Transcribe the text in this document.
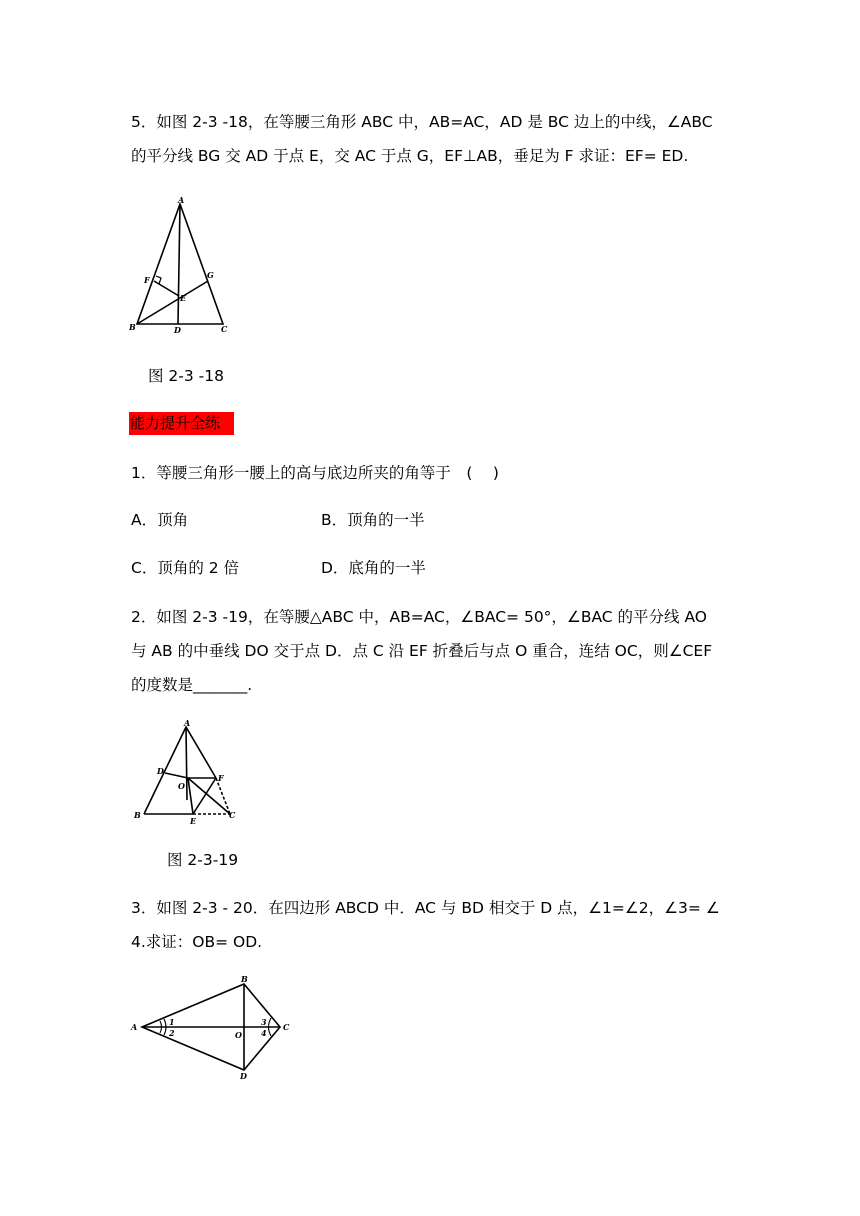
5．如图 2-3 -18，在等腰三角形 ABC 中，AB=AC，AD 是 BC 边上的中线，∠ABC
的平分线 BG 交 AD 于点 E，交 AC 于点 G，EF⊥AB，垂足为 F 求证：EF= ED.
A
B	C
D
E
F	G
图 2-3 -18
能力提升全练
1．等腰三角形一腰上的高与底边所夹的角等于　(　 )
A．顶角	B．顶角的一半
C．顶角的 2 倍	D．底角的一半
2．如图 2-3 -19，在等腰△ABC 中，AB=AC，∠BAC= 50°，∠BAC 的平分线 AO
与 AB 的中垂线 DO 交于点 D．点 C 沿 EF 折叠后与点 O 重合，连结 OC，则∠CEF
的度数是_______.
A
B	C
D
E
F
O
图 2-3-19
3．如图 2-3 - 20．在四边形 ABCD 中．AC 与 BD 相交于 D 点，∠1=∠2，∠3= ∠
4.求证：OB= OD.
A
B
C
D
O
1
2
3
4
